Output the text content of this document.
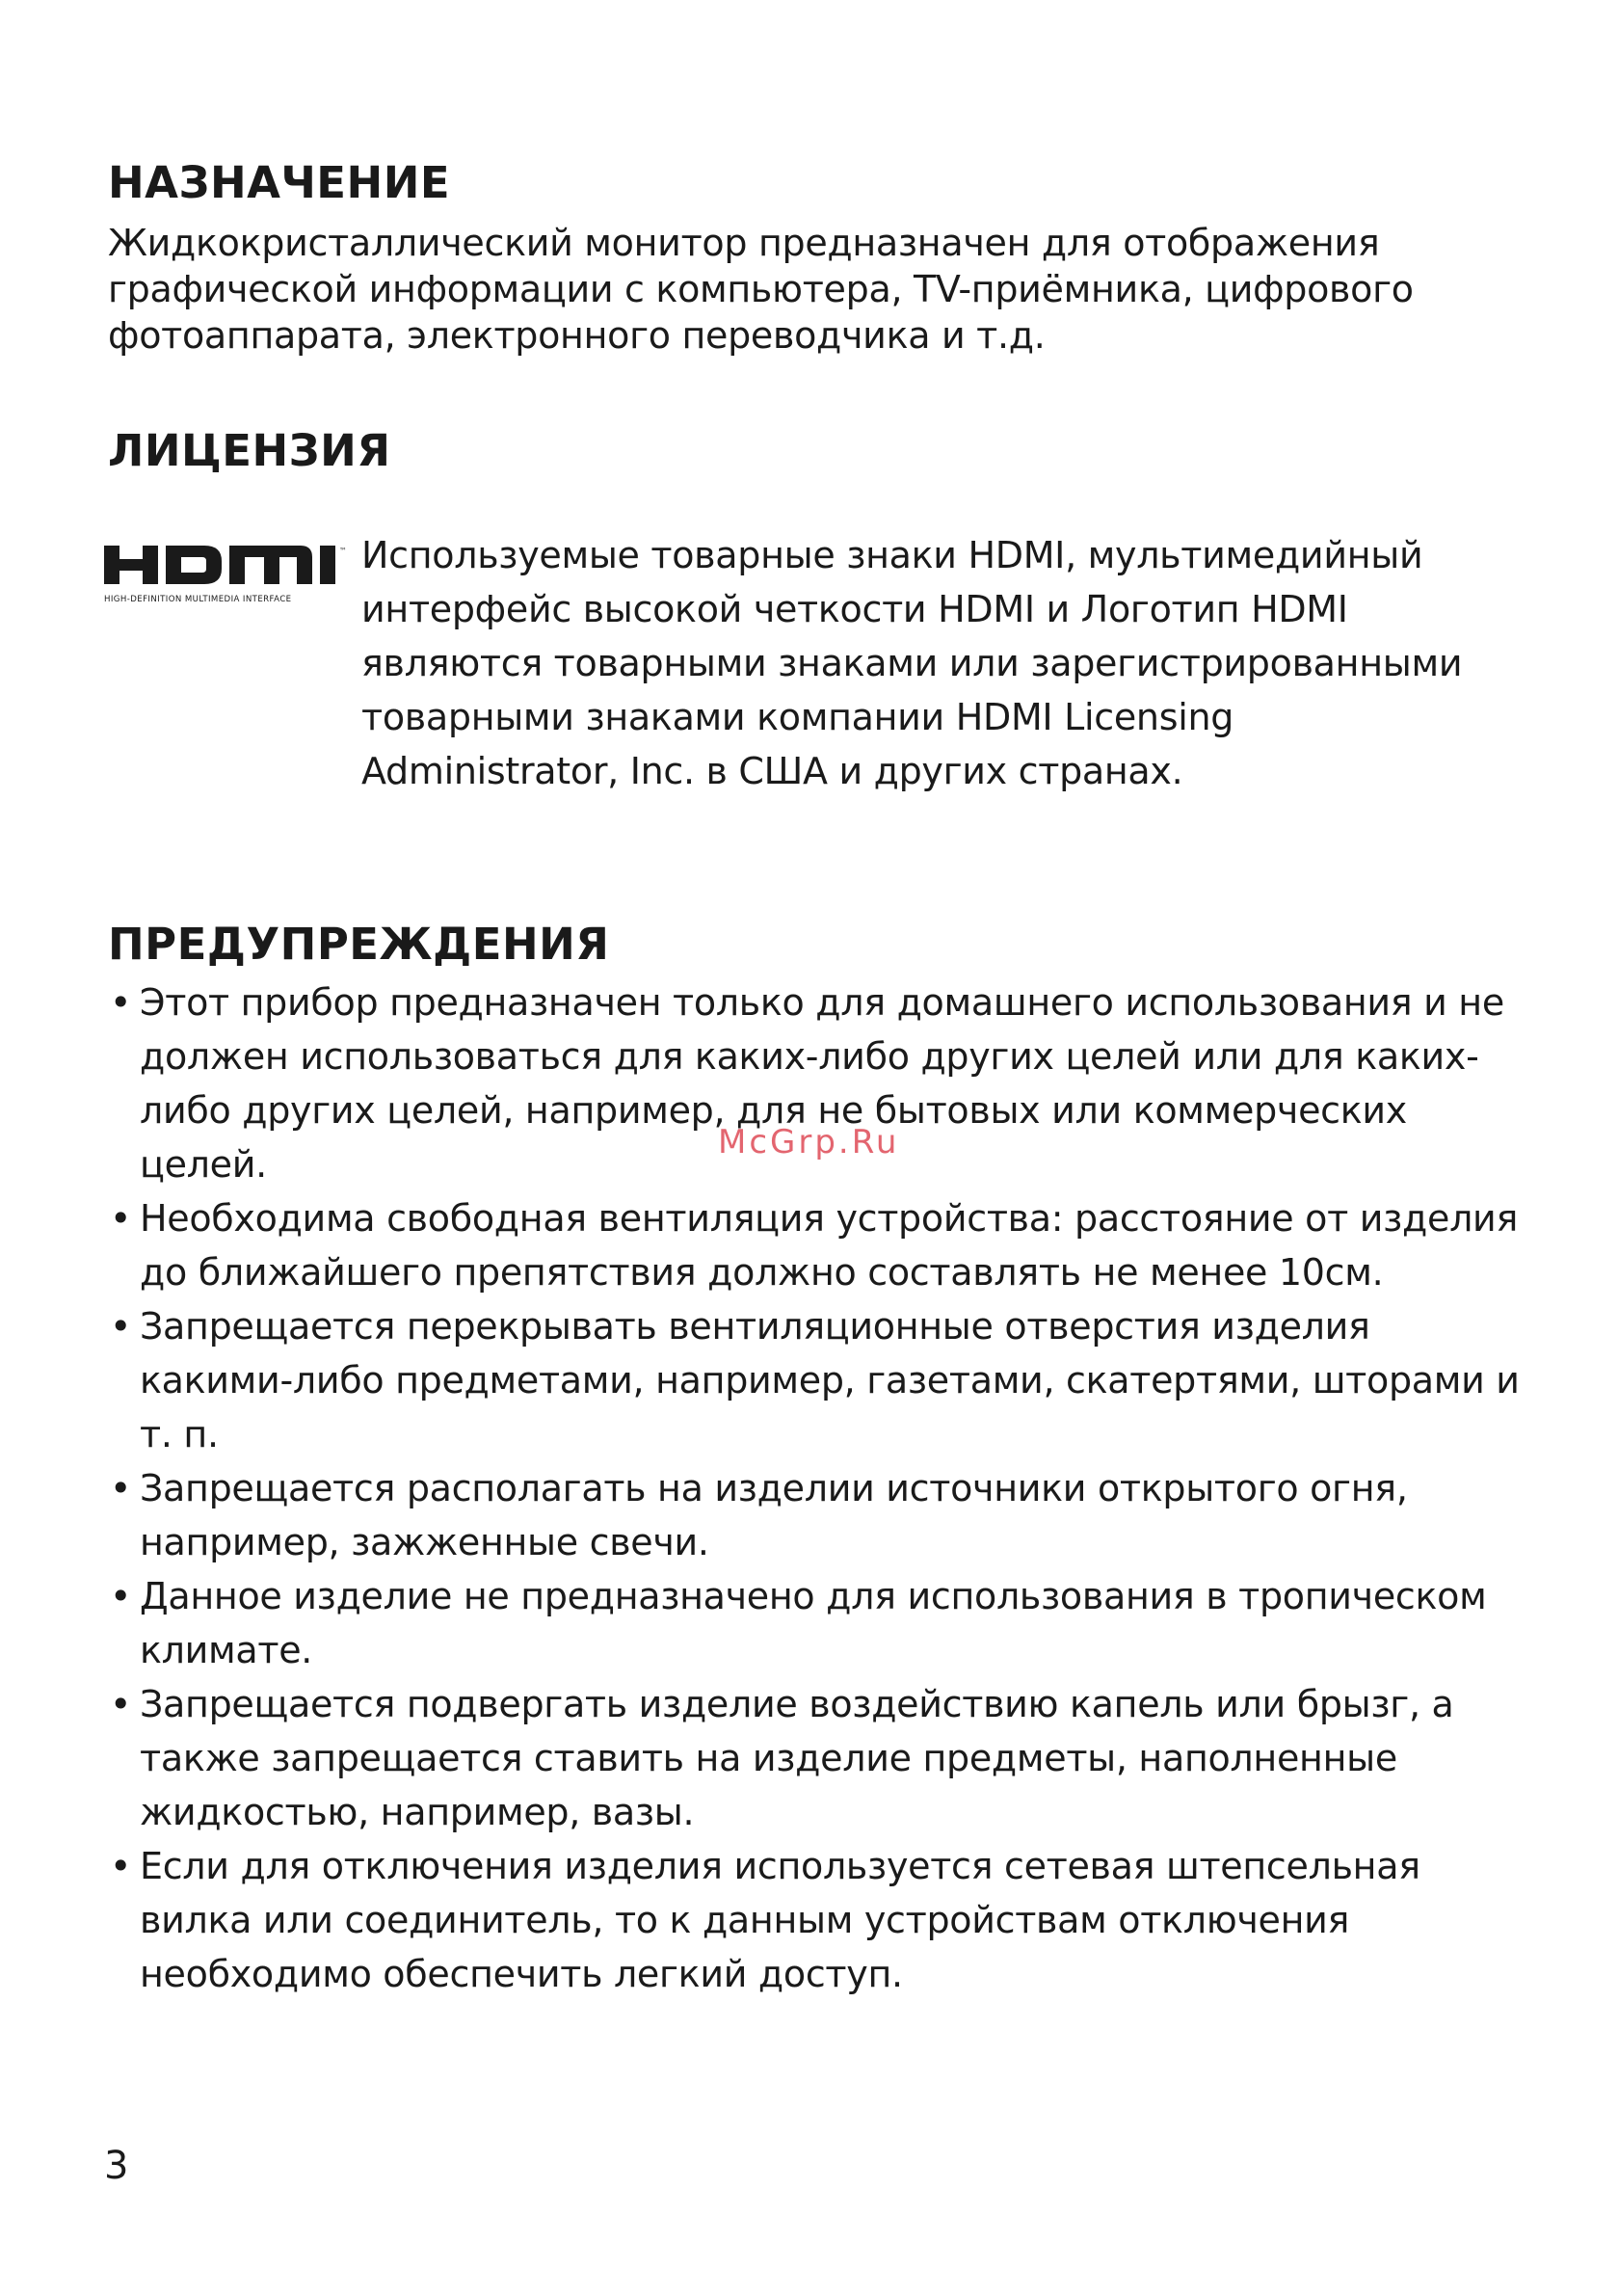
НАЗНАЧЕНИЕ

Жидкокристаллический монитор предназначен для отображения графической информации с компьютера, TV-приёмника, цифрового фотоаппарата, электронного переводчика и т.д.

ЛИЦЕНЗИЯ
™
HIGH-DEFINITION MULTIMEDIA INTERFACE

Используемые товарные знаки HDMI, мультимедийный интерфейс высокой четкости HDMI и Логотип HDMI являются товарными знаками или зарегистрированными товарными знаками компании HDMI Licensing Administrator, Inc. в США и других странах.

ПРЕДУПРЕЖДЕНИЯ
• Этот прибор предназначен только для домашнего использования и не должен использоваться для каких-либо других целей или для каких-либо других целей, например, для не бытовых или коммерческих целей.
• Необходима свободная вентиляция устройства: расстояние от изделия до ближайшего препятствия должно составлять не менее 10см.
• Запрещается перекрывать вентиляционные отверстия изделия какими-либо предметами, например, газетами, скатертями, шторами и т. п.
• Запрещается располагать на изделии источники открытого огня, например, зажженные свечи.
• Данное изделие не предназначено для использования в тропическом климате.
• Запрещается подвергать изделие воздействию капель или брызг, а также запрещается ставить на изделие предметы, наполненные жидкостью, например, вазы.
• Если для отключения изделия используется сетевая штепсельная вилка или соединитель, то к данным устройствам отключения необходимо обеспечить легкий доступ.
McGrp.Ru
3
